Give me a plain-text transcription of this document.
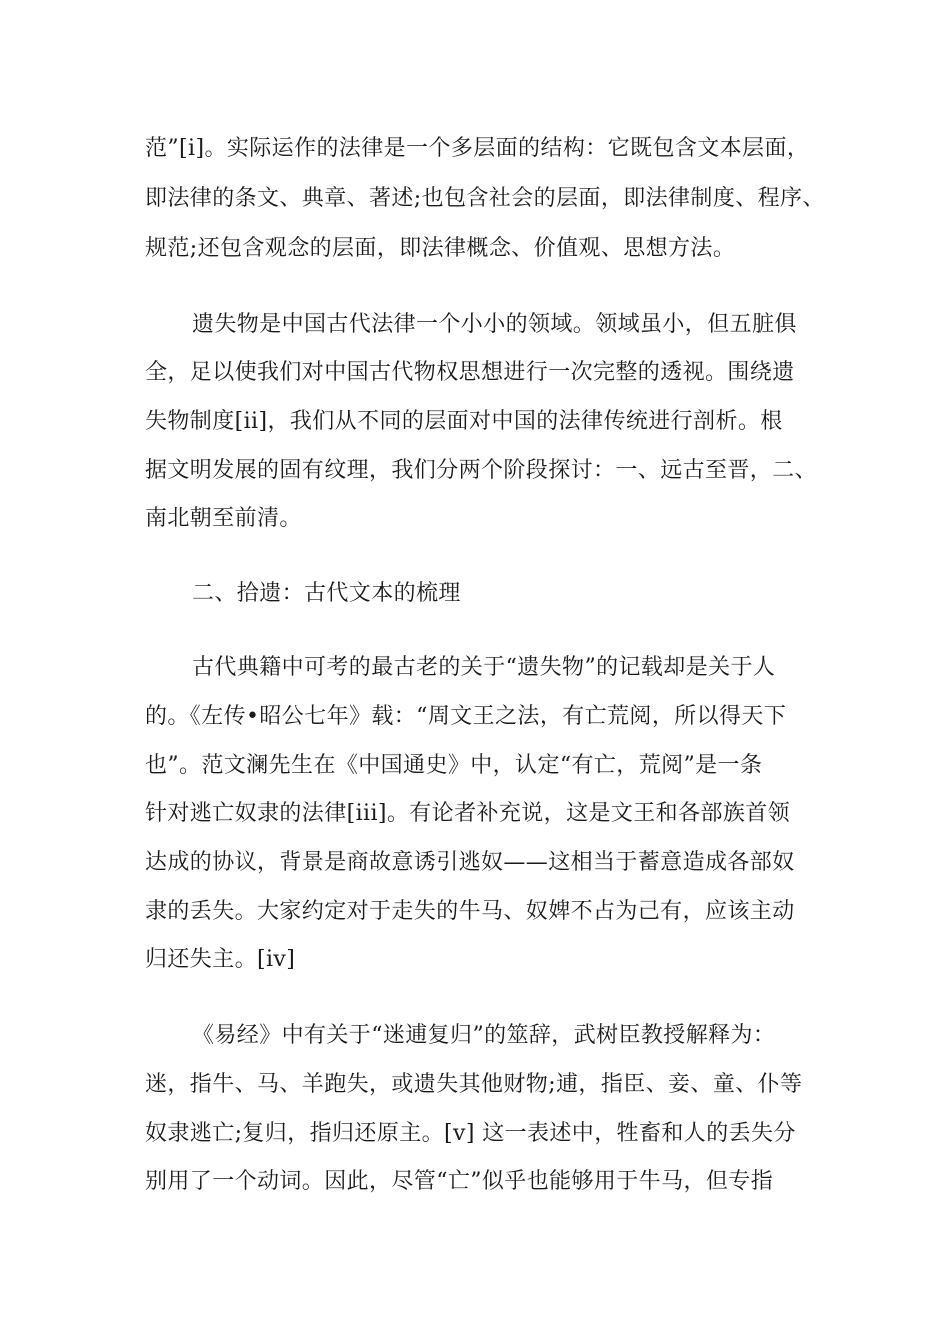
范”[i]。实际运作的法律是一个多层面的结构：它既包含文本层面，
即法律的条文、典章、著述;也包含社会的层面，即法律制度、程序、
规范;还包含观念的层面，即法律概念、价值观、思想方法。
遗失物是中国古代法律一个小小的领域。领域虽小，但五脏俱
全，足以使我们对中国古代物权思想进行一次完整的透视。围绕遗
失物制度[ii]，我们从不同的层面对中国的法律传统进行剖析。根
据文明发展的固有纹理，我们分两个阶段探讨：一、远古至晋，二、
南北朝至前清。
二、拾遗：古代文本的梳理
古代典籍中可考的最古老的关于“遗失物”的记载却是关于人
的。《左传•昭公七年》载：“周文王之法，有亡荒阅，所以得天下
也”。范文澜先生在《中国通史》中，认定“有亡，荒阅”是一条
针对逃亡奴隶的法律[iii]。有论者补充说，这是文王和各部族首领
达成的协议，背景是商故意诱引逃奴——这相当于蓄意造成各部奴
隶的丢失。大家约定对于走失的牛马、奴婢不占为己有，应该主动
归还失主。[iv]
《易经》中有关于“迷逋复归”的筮辞，武树臣教授解释为：
迷，指牛、马、羊跑失，或遗失其他财物;逋，指臣、妾、童、仆等
奴隶逃亡;复归，指归还原主。[v] 这一表述中，牲畜和人的丢失分
别用了一个动词。因此，尽管“亡”似乎也能够用于牛马，但专指
